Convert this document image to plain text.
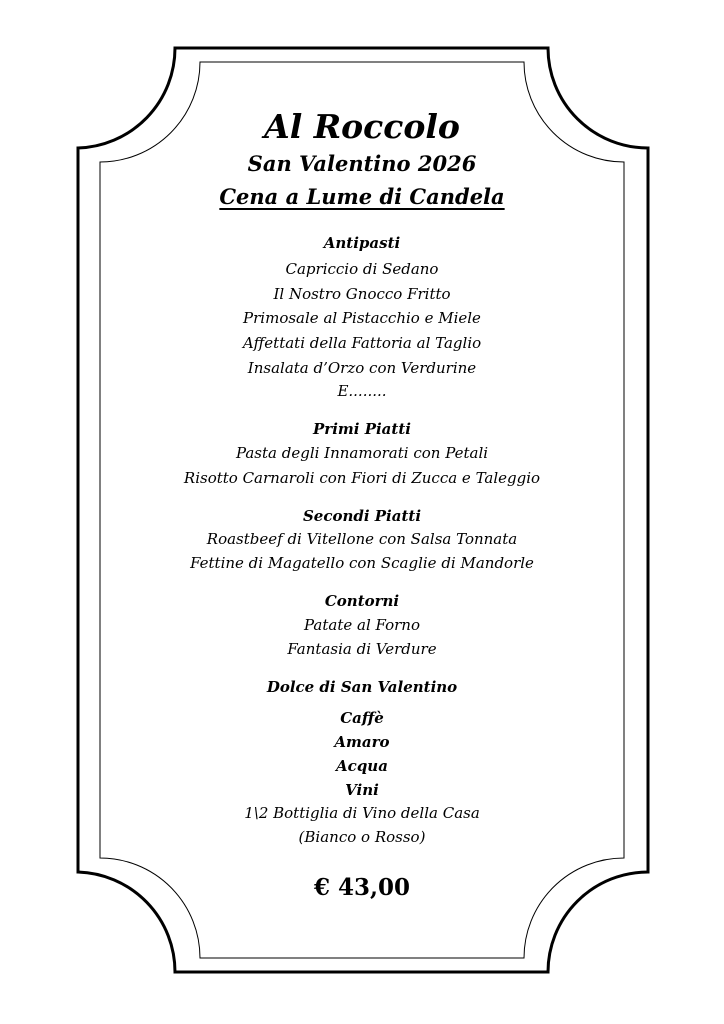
Al Roccolo
San Valentino 2026
Cena a Lume di Candela
Antipasti
Capriccio di Sedano
Il Nostro Gnocco Fritto
Primosale al Pistacchio e Miele
Affettati della Fattoria al Taglio
Insalata d’Orzo con Verdurine
E........
Primi Piatti
Pasta degli Innamorati con Petali
Risotto Carnaroli con Fiori di Zucca e Taleggio
Secondi Piatti
Roastbeef di Vitellone con Salsa Tonnata
Fettine di Magatello con Scaglie di Mandorle
Contorni
Patate al Forno
Fantasia di Verdure
Dolce di San Valentino
Caffè
Amaro
Acqua
Vini
1\2 Bottiglia di Vino della Casa
(Bianco o Rosso)
€ 43,00
